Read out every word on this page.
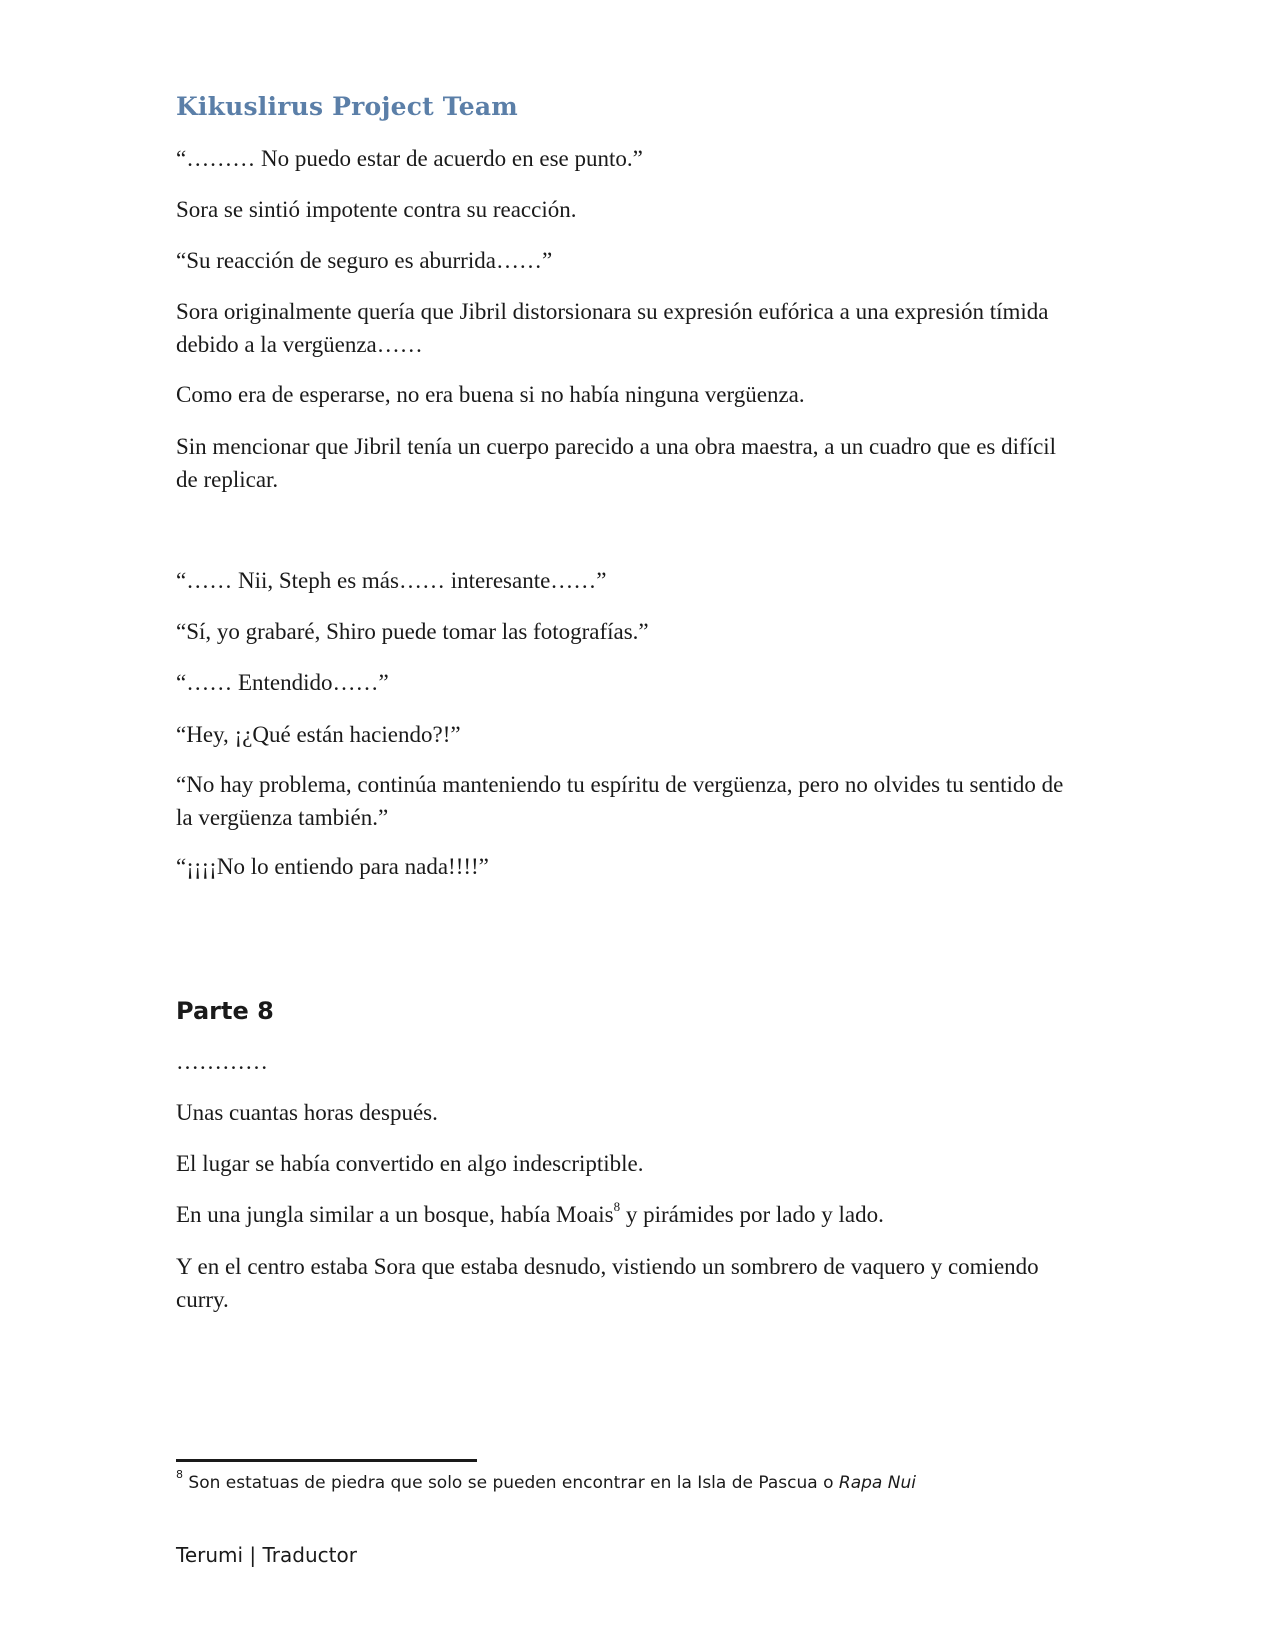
Kikuslirus Project Team

“……… No puedo estar de acuerdo en ese punto.”

Sora se sintió impotente contra su reacción.

“Su reacción de seguro es aburrida……”

Sora originalmente quería que Jibril distorsionara su expresión eufórica a una expresión tímida debido a la vergüenza……

Como era de esperarse, no era buena si no había ninguna vergüenza.

Sin mencionar que Jibril tenía un cuerpo parecido a una obra maestra, a un cuadro que es difícil de replicar.

“…… Nii, Steph es más…… interesante……”

“Sí, yo grabaré, Shiro puede tomar las fotografías.”

“…… Entendido……”

“Hey, ¡¿Qué están haciendo?!”

“No hay problema, continúa manteniendo tu espíritu de vergüenza, pero no olvides tu sentido de la vergüenza también.”

“¡¡¡¡No lo entiendo para nada!!!!”

Parte 8

…………

Unas cuantas horas después.

El lugar se había convertido en algo indescriptible.

En una jungla similar a un bosque, había Moais$^8$ y pirámides por lado y lado.

Y en el centro estaba Sora que estaba desnudo, vistiendo un sombrero de vaquero y comiendo curry.

$^8$ Son estatuas de piedra que solo se pueden encontrar en la Isla de Pascua o Rapa Nui
Terumi | Traductor
